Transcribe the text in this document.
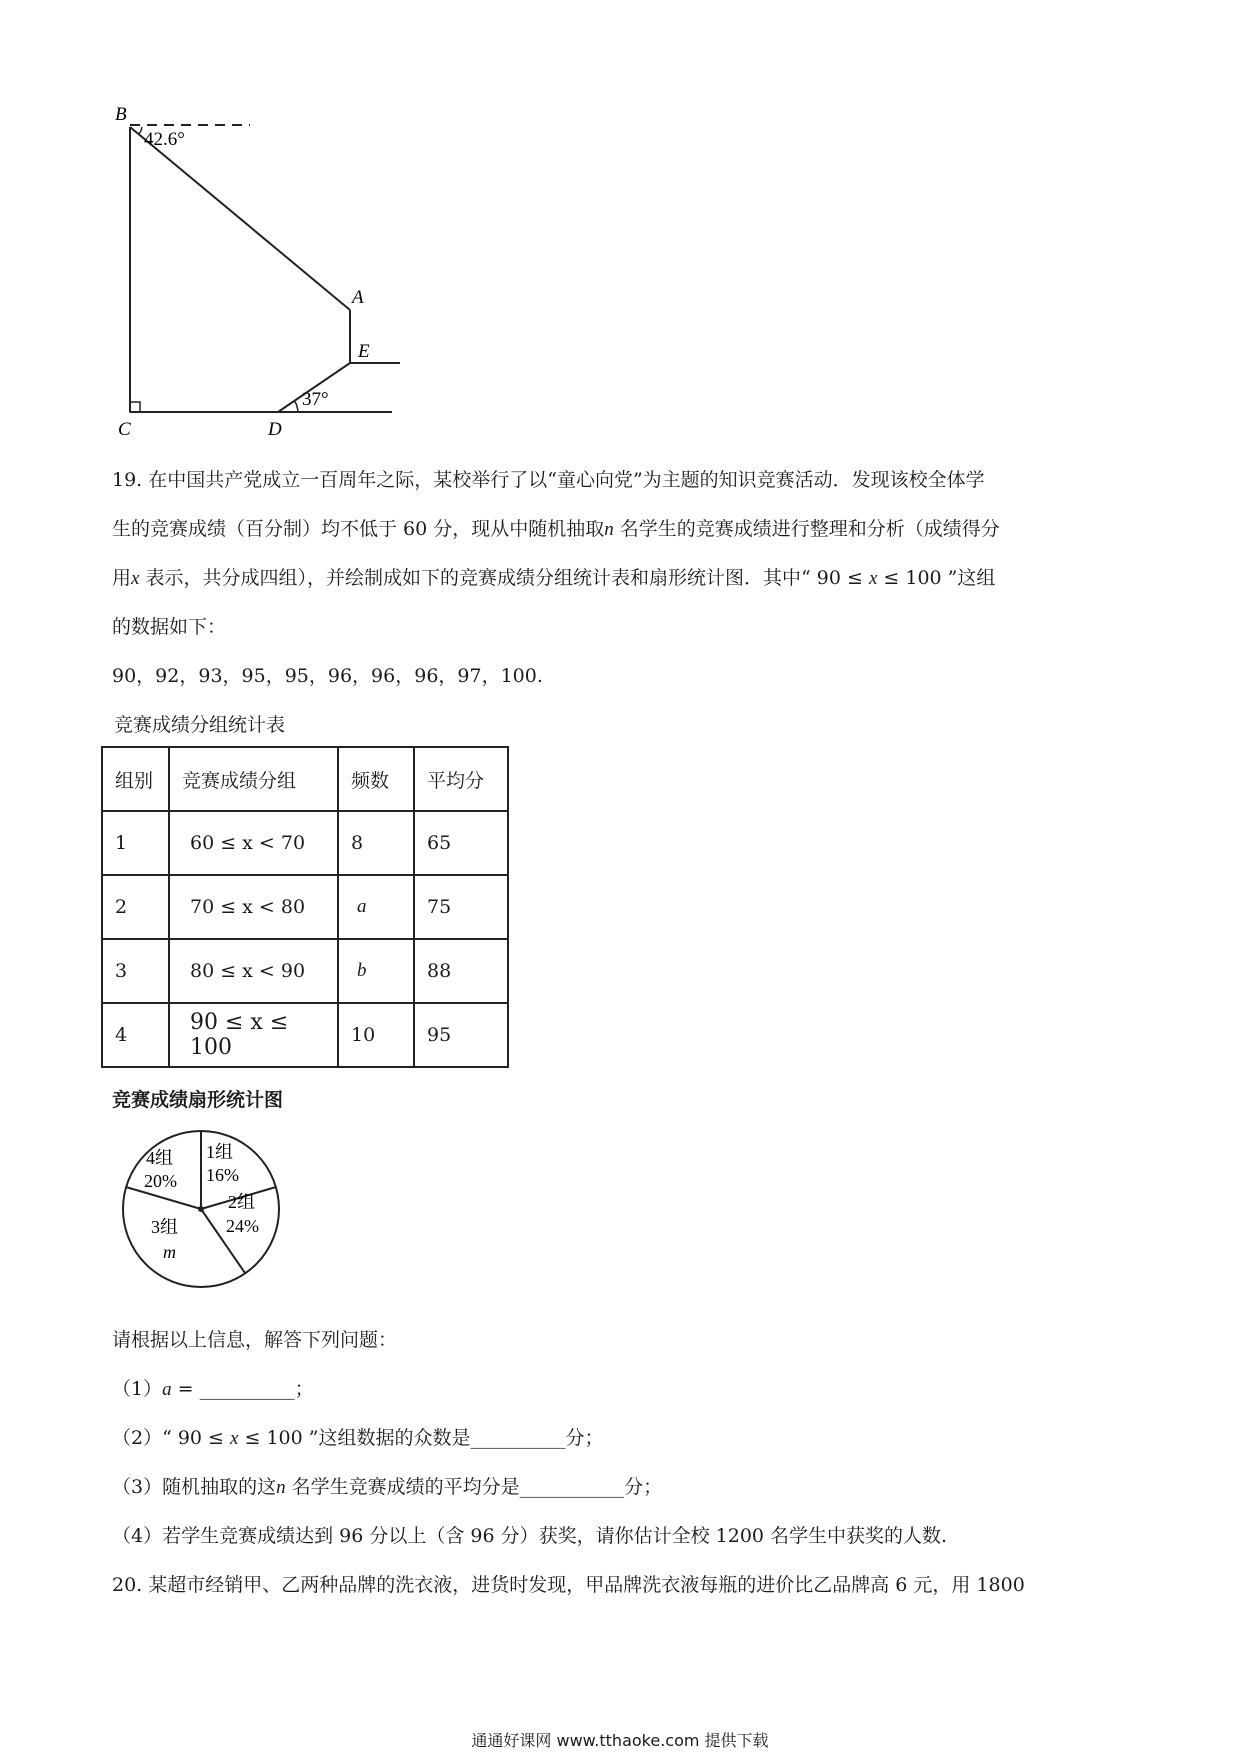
B
42.6°
A
E
37°
C	D
19. 在中国共产党成立一百周年之际，某校举行了以“童心向党”为主题的知识竞赛活动．发现该校全体学
生的竞赛成绩（百分制）均不低于 60 分，现从中随机抽取n 名学生的竞赛成绩进行整理和分析（成绩得分
用x 表示，共分成四组），并绘制成如下的竞赛成绩分组统计表和扇形统计图．其中“ 90 ≤ x ≤ 100 ”这组
的数据如下：
90，92，93，95，95，96，96，96，97，100.
竞赛成绩分组统计表
组别	竞赛成绩分组	频数	平均分
1	60 ≤ x < 70	8	65
2	70 ≤ x < 80	a	75
3	80 ≤ x < 90	b	88
4	90 ≤ x ≤ 100	10	95
竞赛成绩扇形统计图
4组
20%
1组
16%
2组
24%
3组
m
请根据以上信息，解答下列问题：
（1）a = __________；
（2）“ 90 ≤ x ≤ 100 ”这组数据的众数是__________分；
（3）随机抽取的这n 名学生竞赛成绩的平均分是___________分；
（4）若学生竞赛成绩达到 96 分以上（含 96 分）获奖，请你估计全校 1200 名学生中获奖的人数.
20. 某超市经销甲、乙两种品牌的洗衣液，进货时发现，甲品牌洗衣液每瓶的进价比乙品牌高 6 元，用 1800
通通好课网 www.tthaoke.com 提供下载
